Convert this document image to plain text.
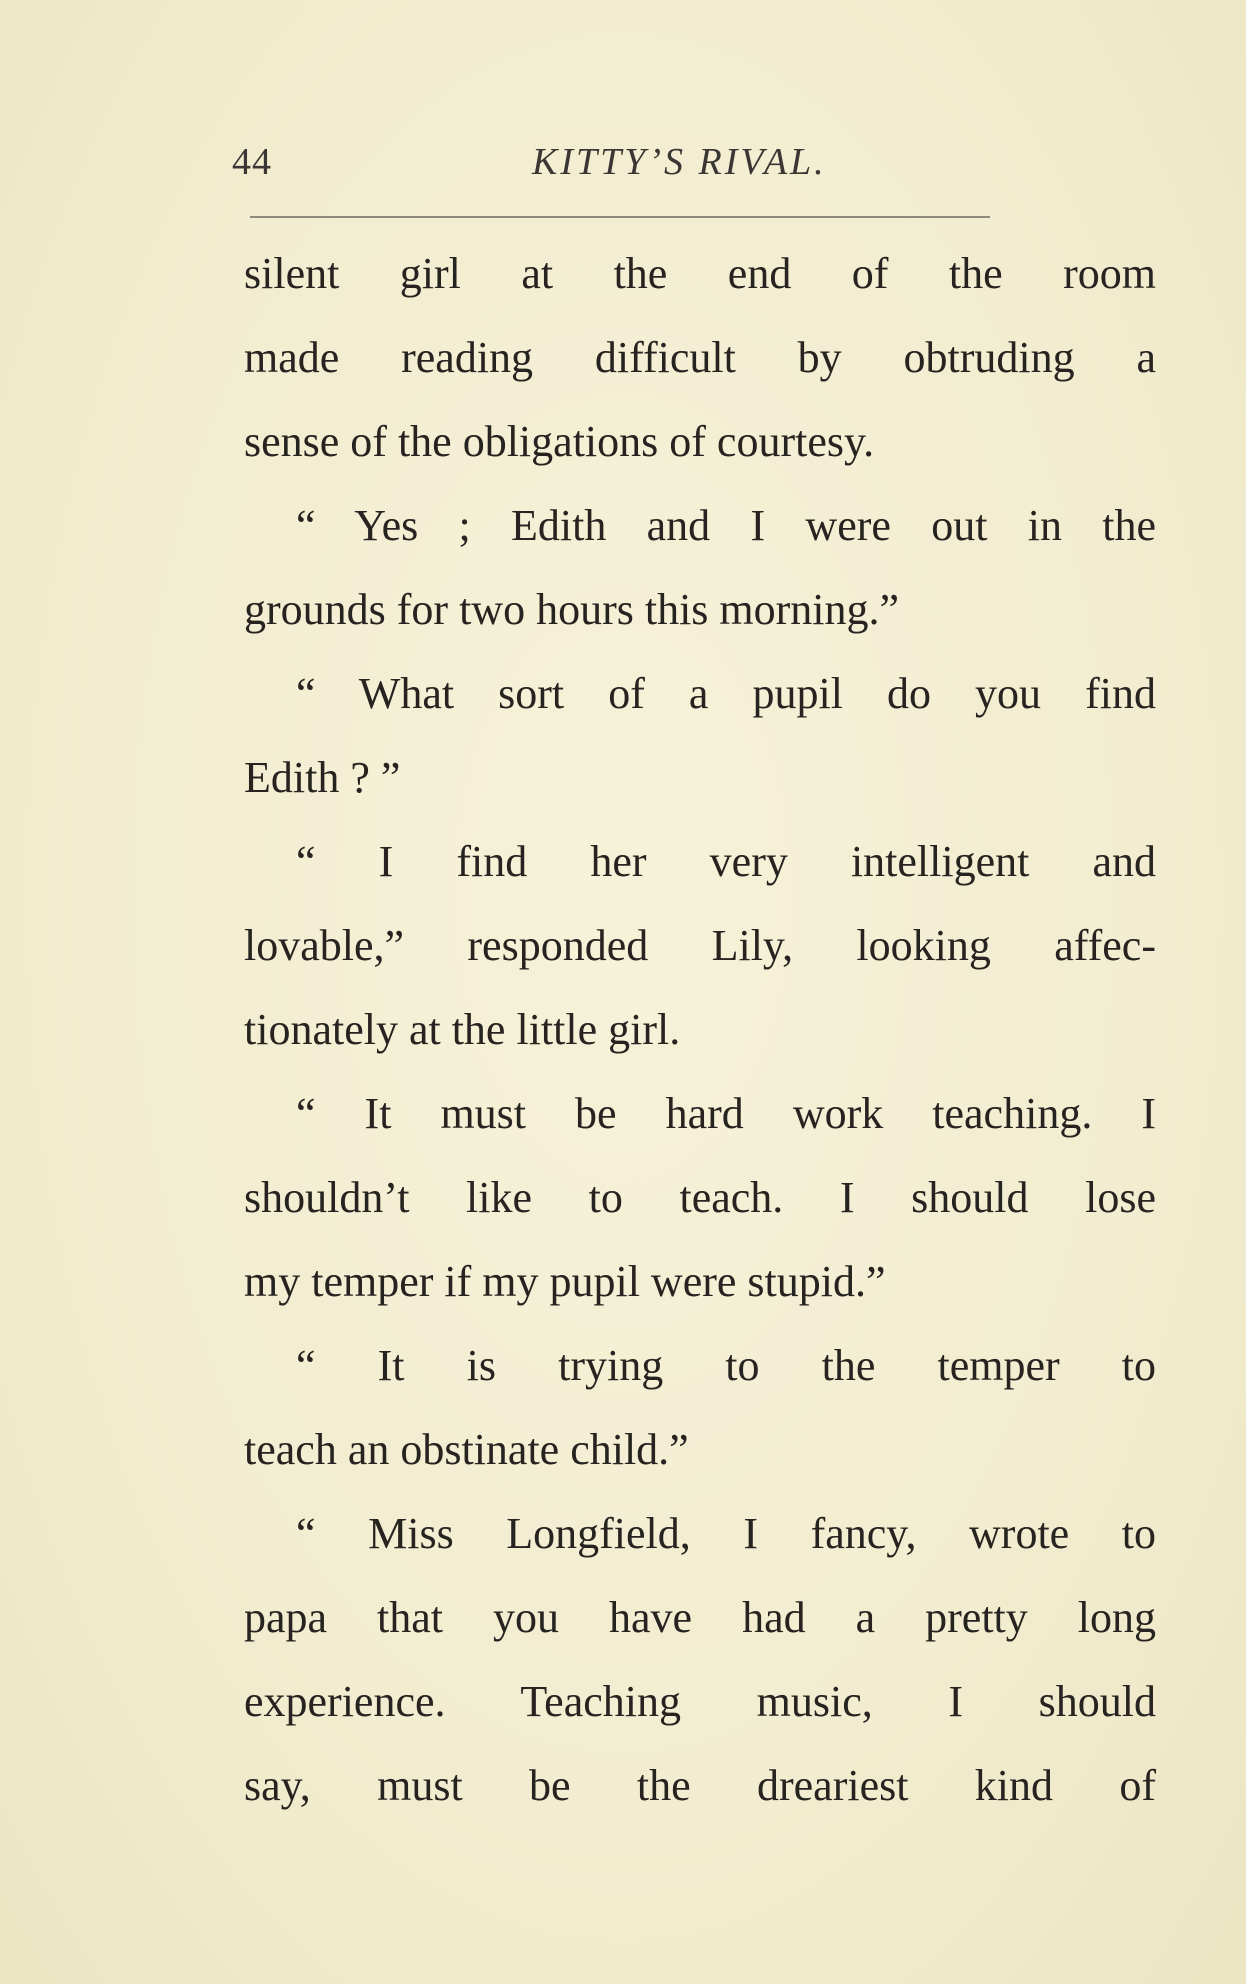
44	KITTY’S RIVAL.
silent girl at the end of the room
made reading difficult by obtruding a
sense of the obligations of courtesy.
“ Yes ; Edith and I were out in the
grounds for two hours this morning.”
“ What sort of a pupil do you find
Edith ? ”
“ I find her very intelligent and
lovable,” responded Lily, looking affec-
tionately at the little girl.
“ It must be hard work teaching. I
shouldn’t like to teach. I should lose
my temper if my pupil were stupid.”
“ It is trying to the temper to
teach an obstinate child.”
“ Miss Longfield, I fancy, wrote to
papa that you have had a pretty long
experience. Teaching music, I should
say, must be the dreariest kind of
